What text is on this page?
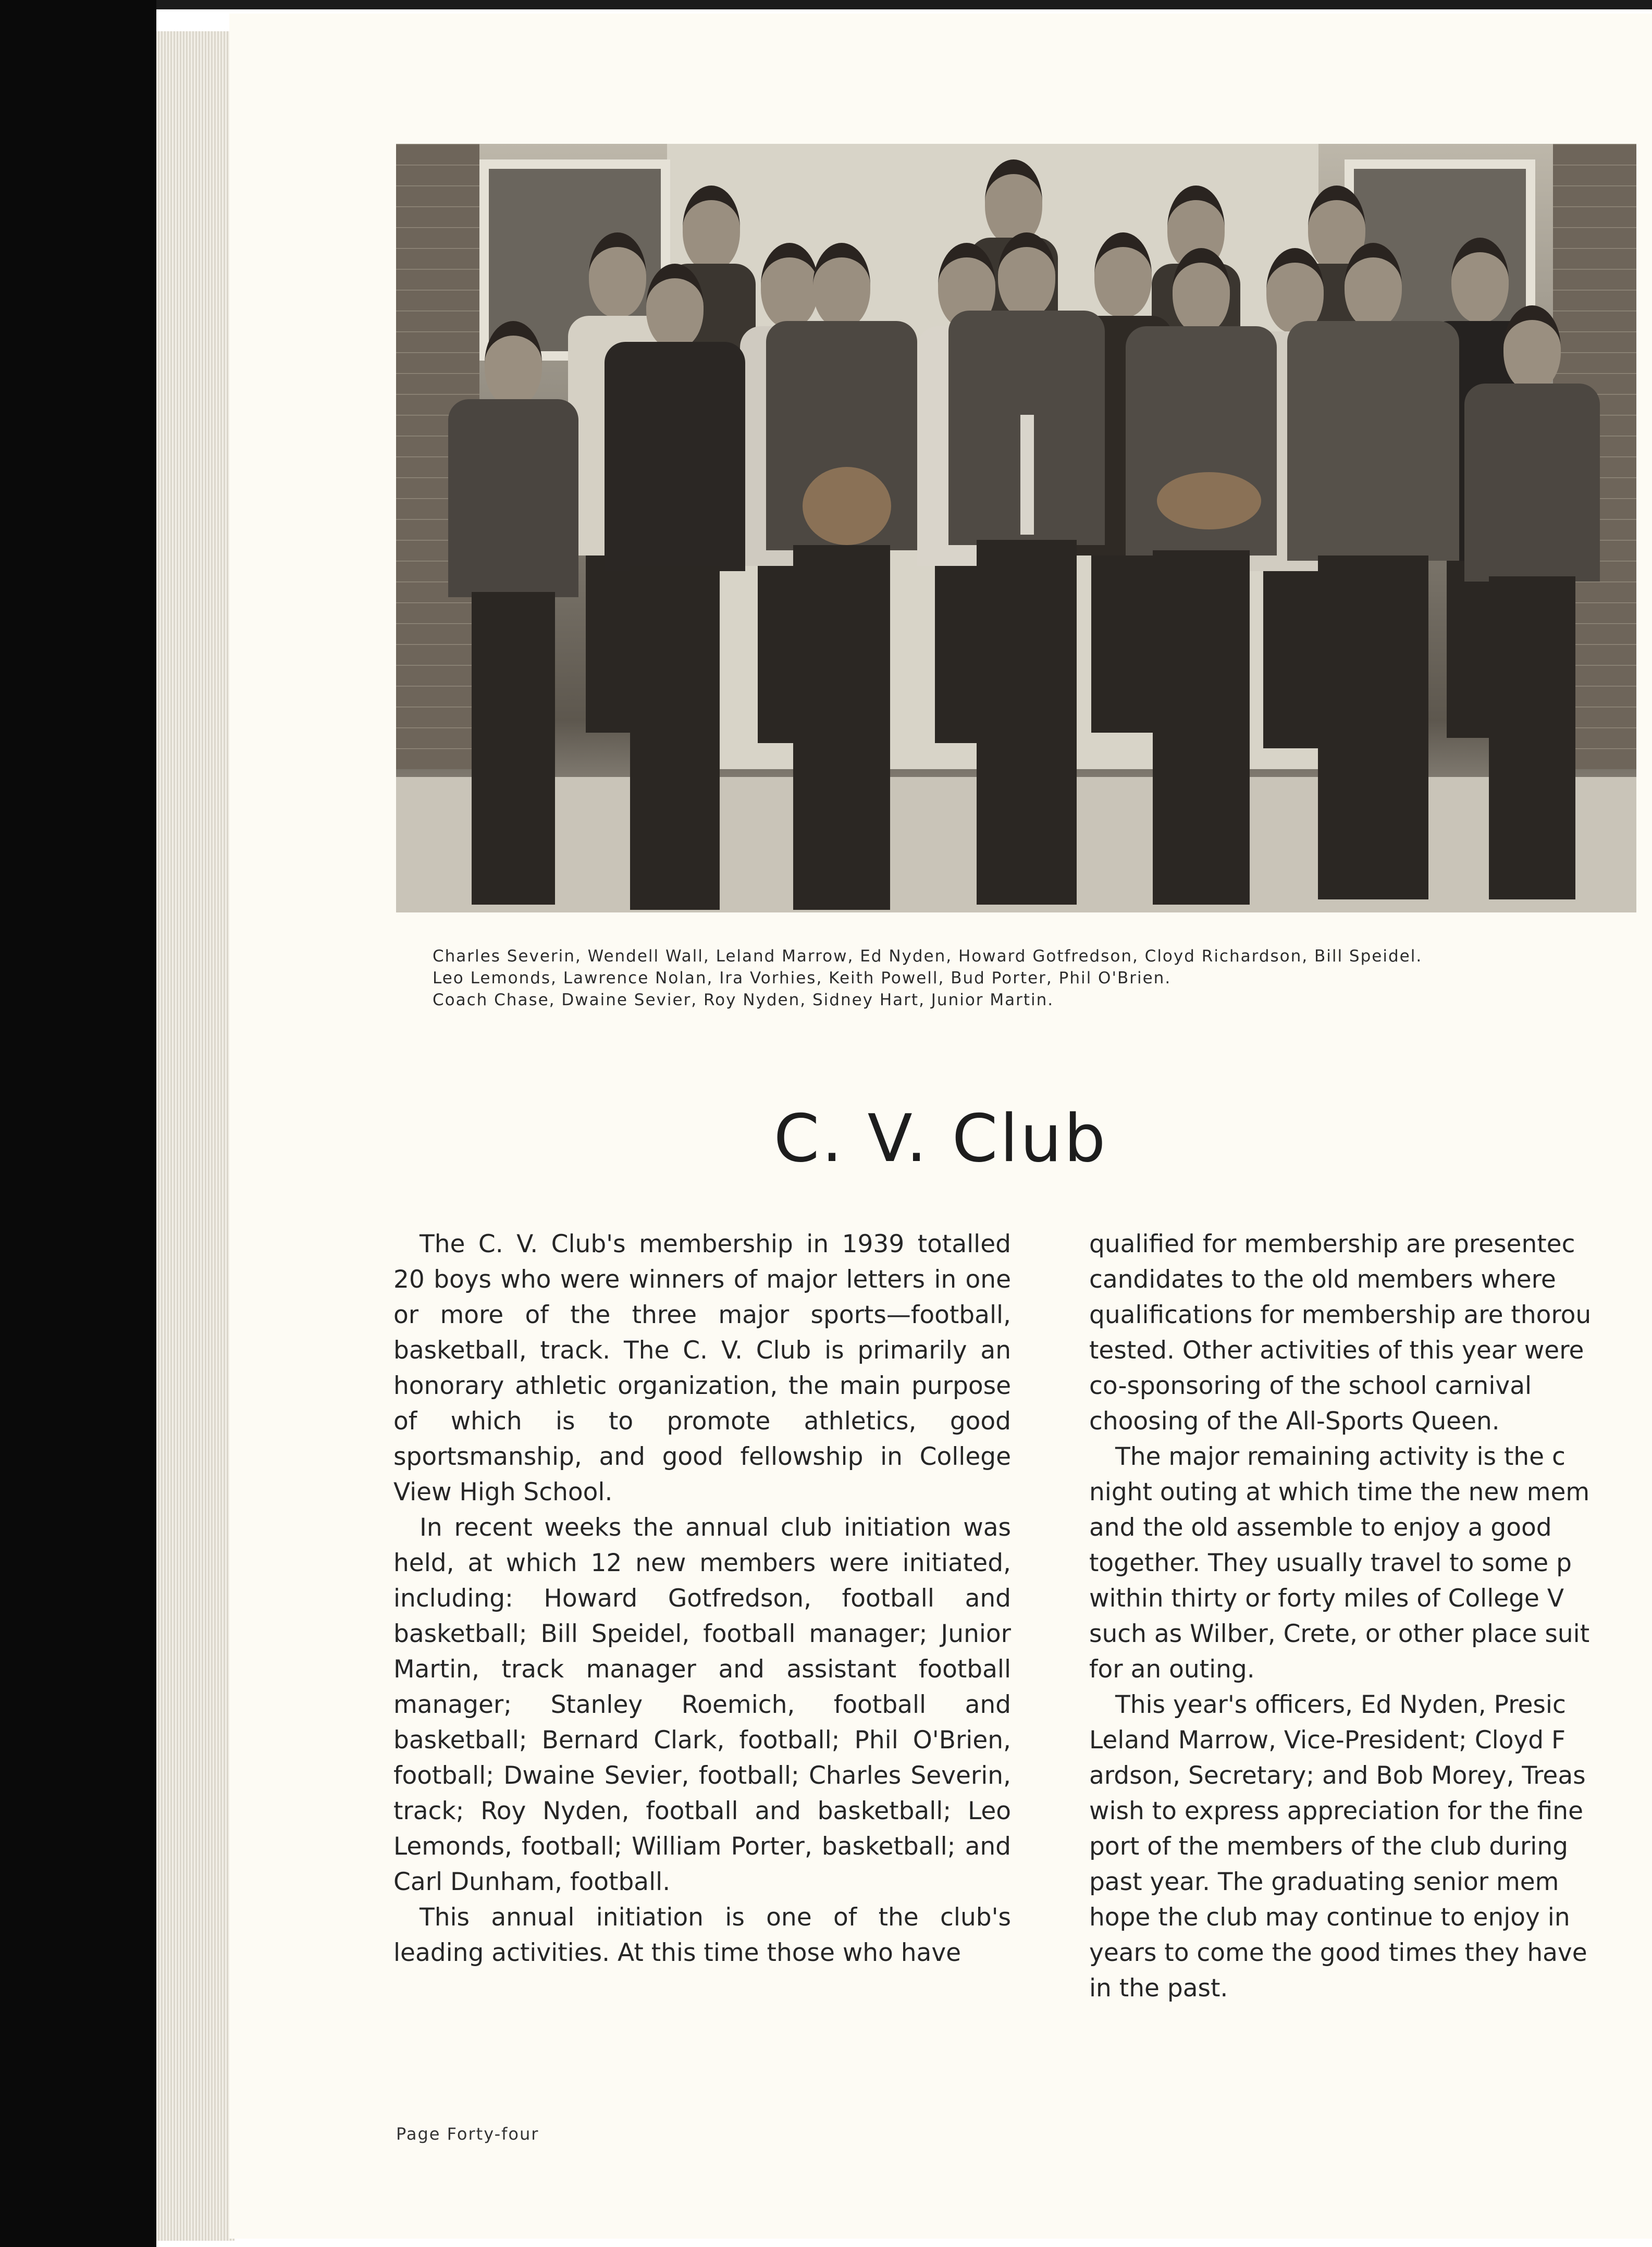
Charles Severin, Wendell Wall, Leland Marrow, Ed Nyden, Howard Gotfredson, Cloyd Richardson, Bill Speidel.
Leo Lemonds, Lawrence Nolan, Ira Vorhies, Keith Powell, Bud Porter, Phil O'Brien.
Coach Chase, Dwaine Sevier, Roy Nyden, Sidney Hart, Junior Martin.
C. V. Club

The C. V. Club's membership in 1939 totalled 20 boys who were winners of major letters in one or more of the three major sports—football, basketball, track. The C. V. Club is primarily an honorary athletic organization, the main purpose of which is to promote athletics, good sportsmanship, and good fellowship in College View High School.

In recent weeks the annual club initiation was held, at which 12 new members were initiated, including: Howard Gotfredson, football and basketball; Bill Speidel, football manager; Junior Martin, track manager and assistant football manager; Stanley Roemich, football and basketball; Bernard Clark, football; Phil O'Brien, football; Dwaine Sevier, football; Charles Severin, track; Roy Nyden, football and basketball; Leo Lemonds, football; William Porter, basketball; and Carl Dunham, football.

This annual initiation is one of the club's leading activities. At this time those who have

qualified for membership are presentec
candidates to the old members where
qualifications for membership are thorou
tested. Other activities of this year were
co-sponsoring of the school carnival
choosing of the All-Sports Queen.
The major remaining activity is the c
night outing at which time the new mem
and the old assemble to enjoy a good
together. They usually travel to some p
within thirty or forty miles of College V
such as Wilber, Crete, or other place suit
for an outing.
This year's officers, Ed Nyden, Presic
Leland Marrow, Vice-President; Cloyd F
ardson, Secretary; and Bob Morey, Treas
wish to express appreciation for the fine
port of the members of the club during
past year. The graduating senior mem
hope the club may continue to enjoy in
years to come the good times they have
in the past.
Page Forty-four
